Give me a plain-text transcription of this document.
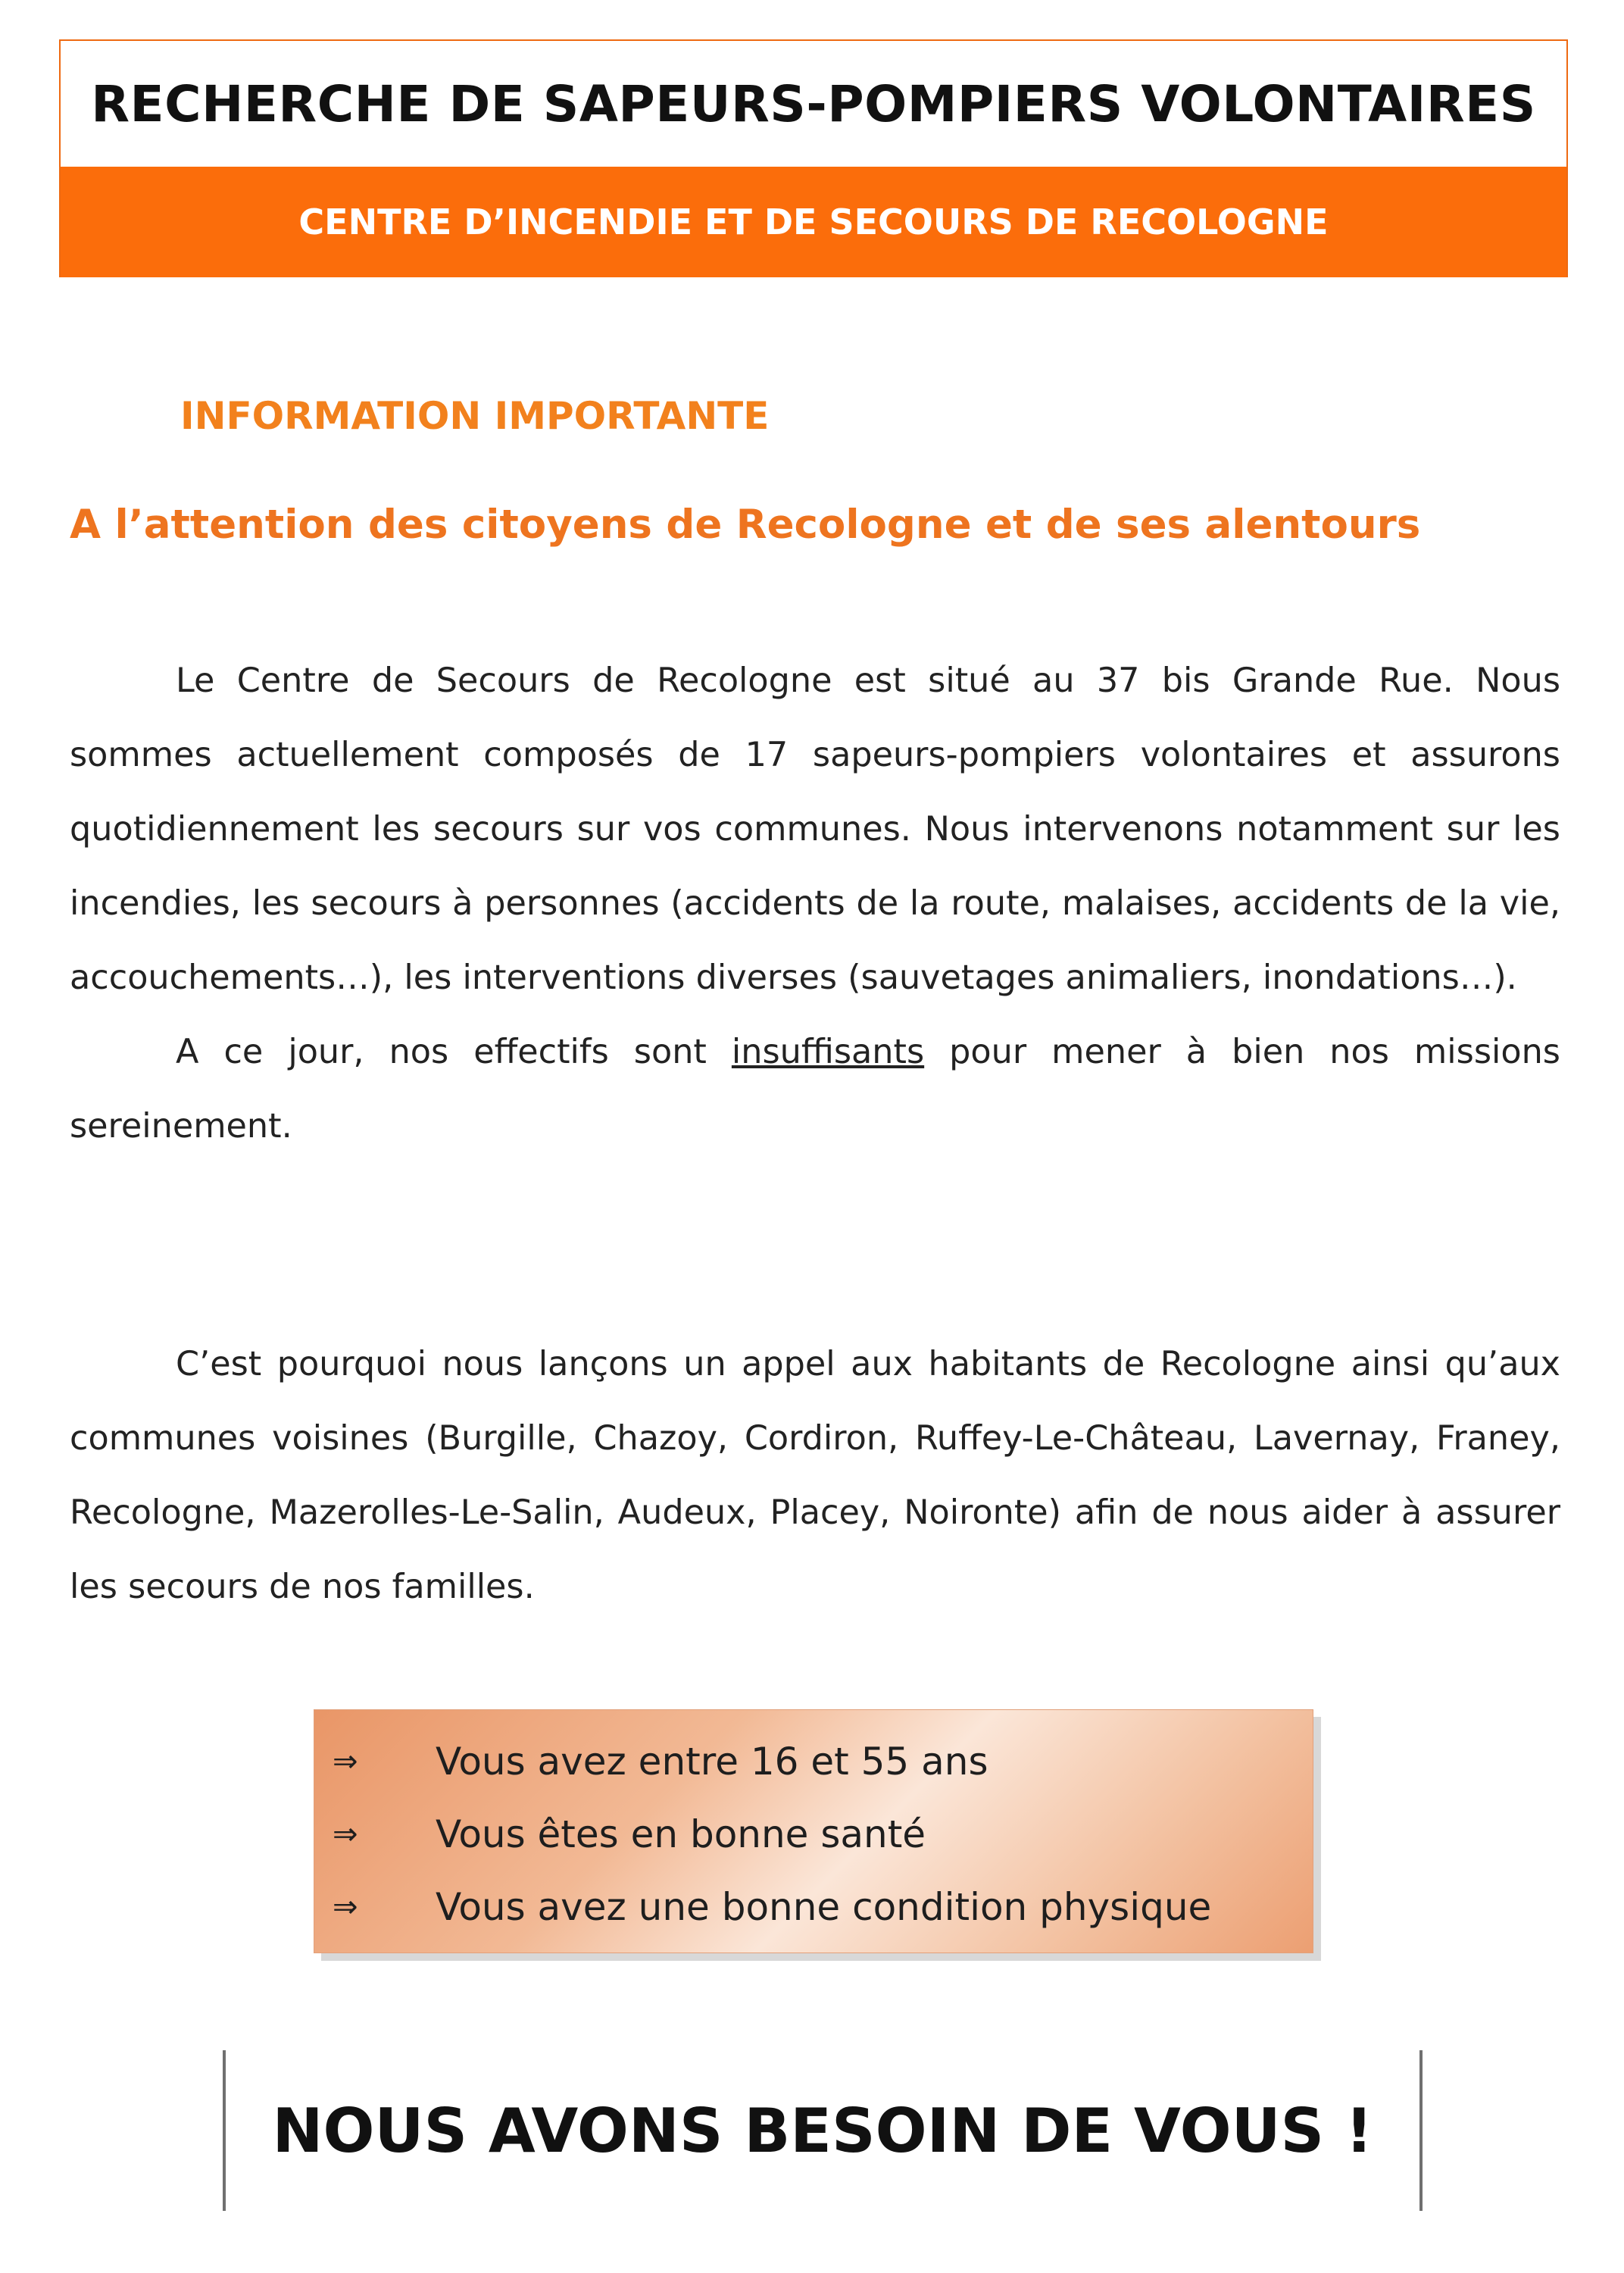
RECHERCHE DE SAPEURS-POMPIERS VOLONTAIRES
CENTRE D’INCENDIE ET DE SECOURS DE RECOLOGNE
INFORMATION IMPORTANTE
A l’attention des citoyens de Recologne et de ses alentours

Le Centre de Secours de Recologne est situé au 37 bis Grande Rue. Nous sommes actuellement composés de 17 sapeurs-pompiers volontaires et assurons quotidiennement les secours sur vos communes. Nous intervenons notamment sur les incendies, les secours à personnes (accidents de la route, malaises, accidents de la vie, accouchements…), les interventions diverses (sauvetages animaliers, inondations…).

A ce jour, nos effectifs sont insuffisants pour mener à bien nos missions sereinement.

C’est pourquoi nous lançons un appel aux habitants de Recologne ainsi qu’aux communes voisines (Burgille, Chazoy, Cordiron, Ruffey-Le-Château, Lavernay, Franey, Recologne, Mazerolles-Le-Salin, Audeux, Placey, Noironte) afin de nous aider à assurer les secours de nos familles.

⇒ Vous avez entre 16 et 55 ans
⇒ Vous êtes en bonne santé
⇒ Vous avez une bonne condition physique
NOUS AVONS BESOIN DE VOUS !
